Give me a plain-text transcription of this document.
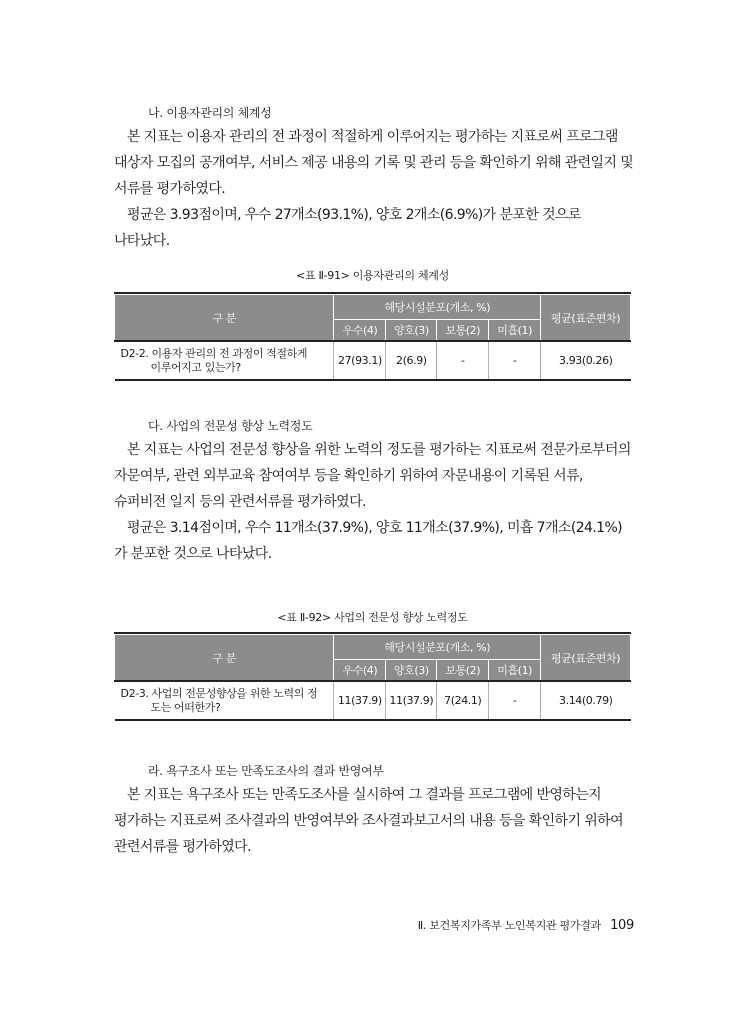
나. 이용자관리의 체계성

본 지표는 이용자 관리의 전 과정이 적절하게 이루어지는 평가하는 지표로써 프로그램 대상자 모집의 공개여부, 서비스 제공 내용의 기록 및 관리 등을 확인하기 위해 관련일지 및 서류를 평가하였다.

평균은 3.93점이며, 우수 27개소(93.1%), 양호 2개소(6.9%)가 분포한 것으로 나타났다.

<표 Ⅱ-91> 이용자관리의 체계성
구 분	해당시설분포(개소, %)				평균(표준편차)
	우수(4)	양호(3)	보통(2)	미흡(1)	
D2-2. 이용자 관리의 전 과정이 적절하게
이루어지고 있는가?	27(93.1)	2(6.9)	-	-	3.93(0.26)
다. 사업의 전문성 향상 노력정도

본 지표는 사업의 전문성 향상을 위한 노력의 정도를 평가하는 지표로써 전문가로부터의 자문여부, 관련 외부교육 참여여부 등을 확인하기 위하여 자문내용이 기록된 서류, 슈퍼비전 일지 등의 관련서류를 평가하였다.

평균은 3.14점이며, 우수 11개소(37.9%), 양호 11개소(37.9%), 미흡 7개소(24.1%)가 분포한 것으로 나타났다.

<표 Ⅱ-92> 사업의 전문성 향상 노력정도
구 분	해당시설분포(개소, %)				평균(표준편차)
	우수(4)	양호(3)	보통(2)	미흡(1)	
D2-3. 사업의 전문성향상을 위한 노력의 정
도는 어떠한가?	11(37.9)	11(37.9)	7(24.1)	-	3.14(0.79)
라. 욕구조사 또는 만족도조사의 결과 반영여부

본 지표는 욕구조사 또는 만족도조사를 실시하여 그 결과를 프로그램에 반영하는지 평가하는 지표로써 조사결과의 반영여부와 조사결과보고서의 내용 등을 확인하기 위하여 관련서류를 평가하였다.

Ⅱ. 보건복지가족부 노인복지관 평가결과 109
